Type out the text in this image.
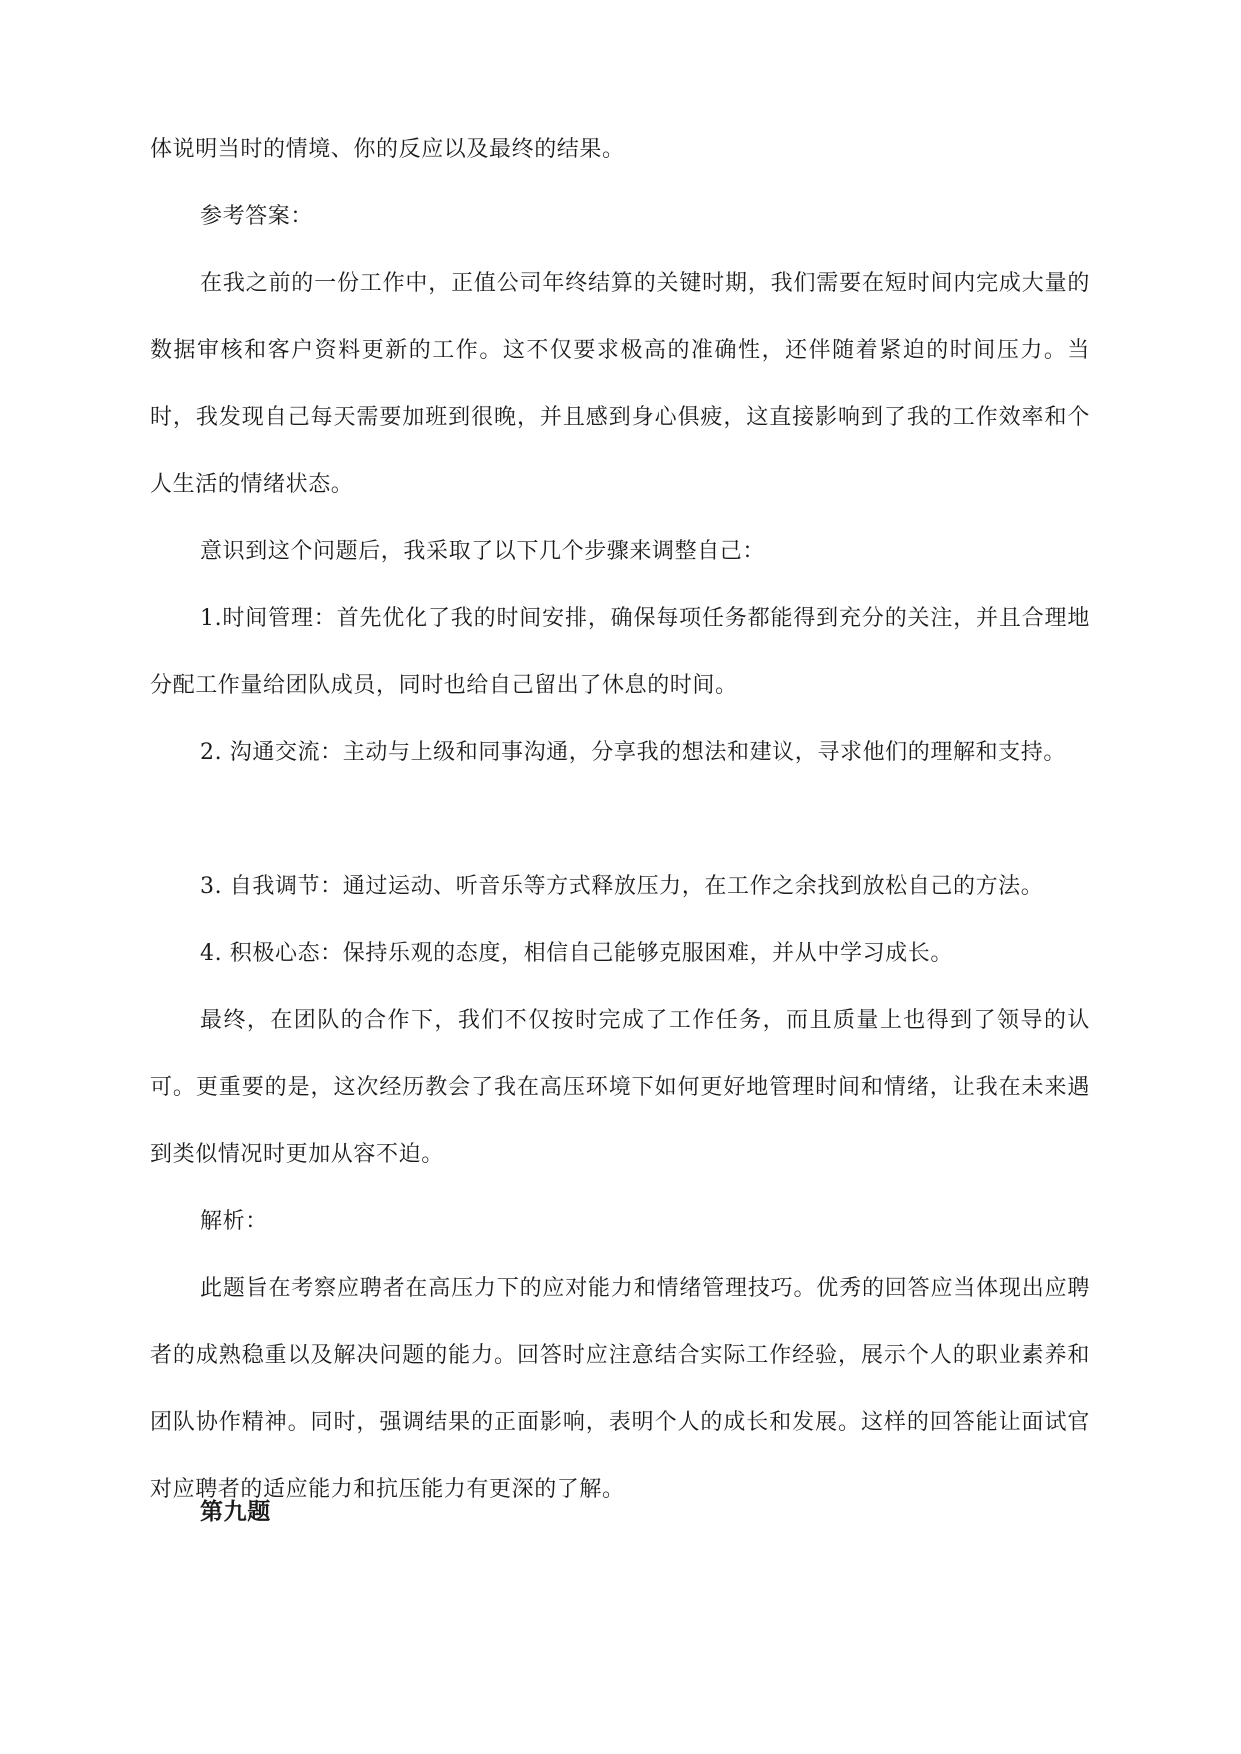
体说明当时的情境、你的反应以及最终的结果。

参考答案：

在我之前的一份工作中，正值公司年终结算的关键时期，我们需要在短时间内完成大量的数据审核和客户资料更新的工作。这不仅要求极高的准确性，还伴随着紧迫的时间压力。当时，我发现自己每天需要加班到很晚，并且感到身心俱疲，这直接影响到了我的工作效率和个人生活的情绪状态。

意识到这个问题后，我采取了以下几个步骤来调整自己：

1.时间管理：首先优化了我的时间安排，确保每项任务都能得到充分的关注，并且合理地分配工作量给团队成员，同时也给自己留出了休息的时间。

2. 沟通交流：主动与上级和同事沟通，分享我的想法和建议，寻求他们的理解和支持。

3. 自我调节：通过运动、听音乐等方式释放压力，在工作之余找到放松自己的方法。

4. 积极心态：保持乐观的态度，相信自己能够克服困难，并从中学习成长。

最终，在团队的合作下，我们不仅按时完成了工作任务，而且质量上也得到了领导的认可。更重要的是，这次经历教会了我在高压环境下如何更好地管理时间和情绪，让我在未来遇到类似情况时更加从容不迫。

解析：

此题旨在考察应聘者在高压力下的应对能力和情绪管理技巧。优秀的回答应当体现出应聘者的成熟稳重以及解决问题的能力。回答时应注意结合实际工作经验，展示个人的职业素养和团队协作精神。同时，强调结果的正面影响，表明个人的成长和发展。这样的回答能让面试官对应聘者的适应能力和抗压能力有更深的了解。

第九题
